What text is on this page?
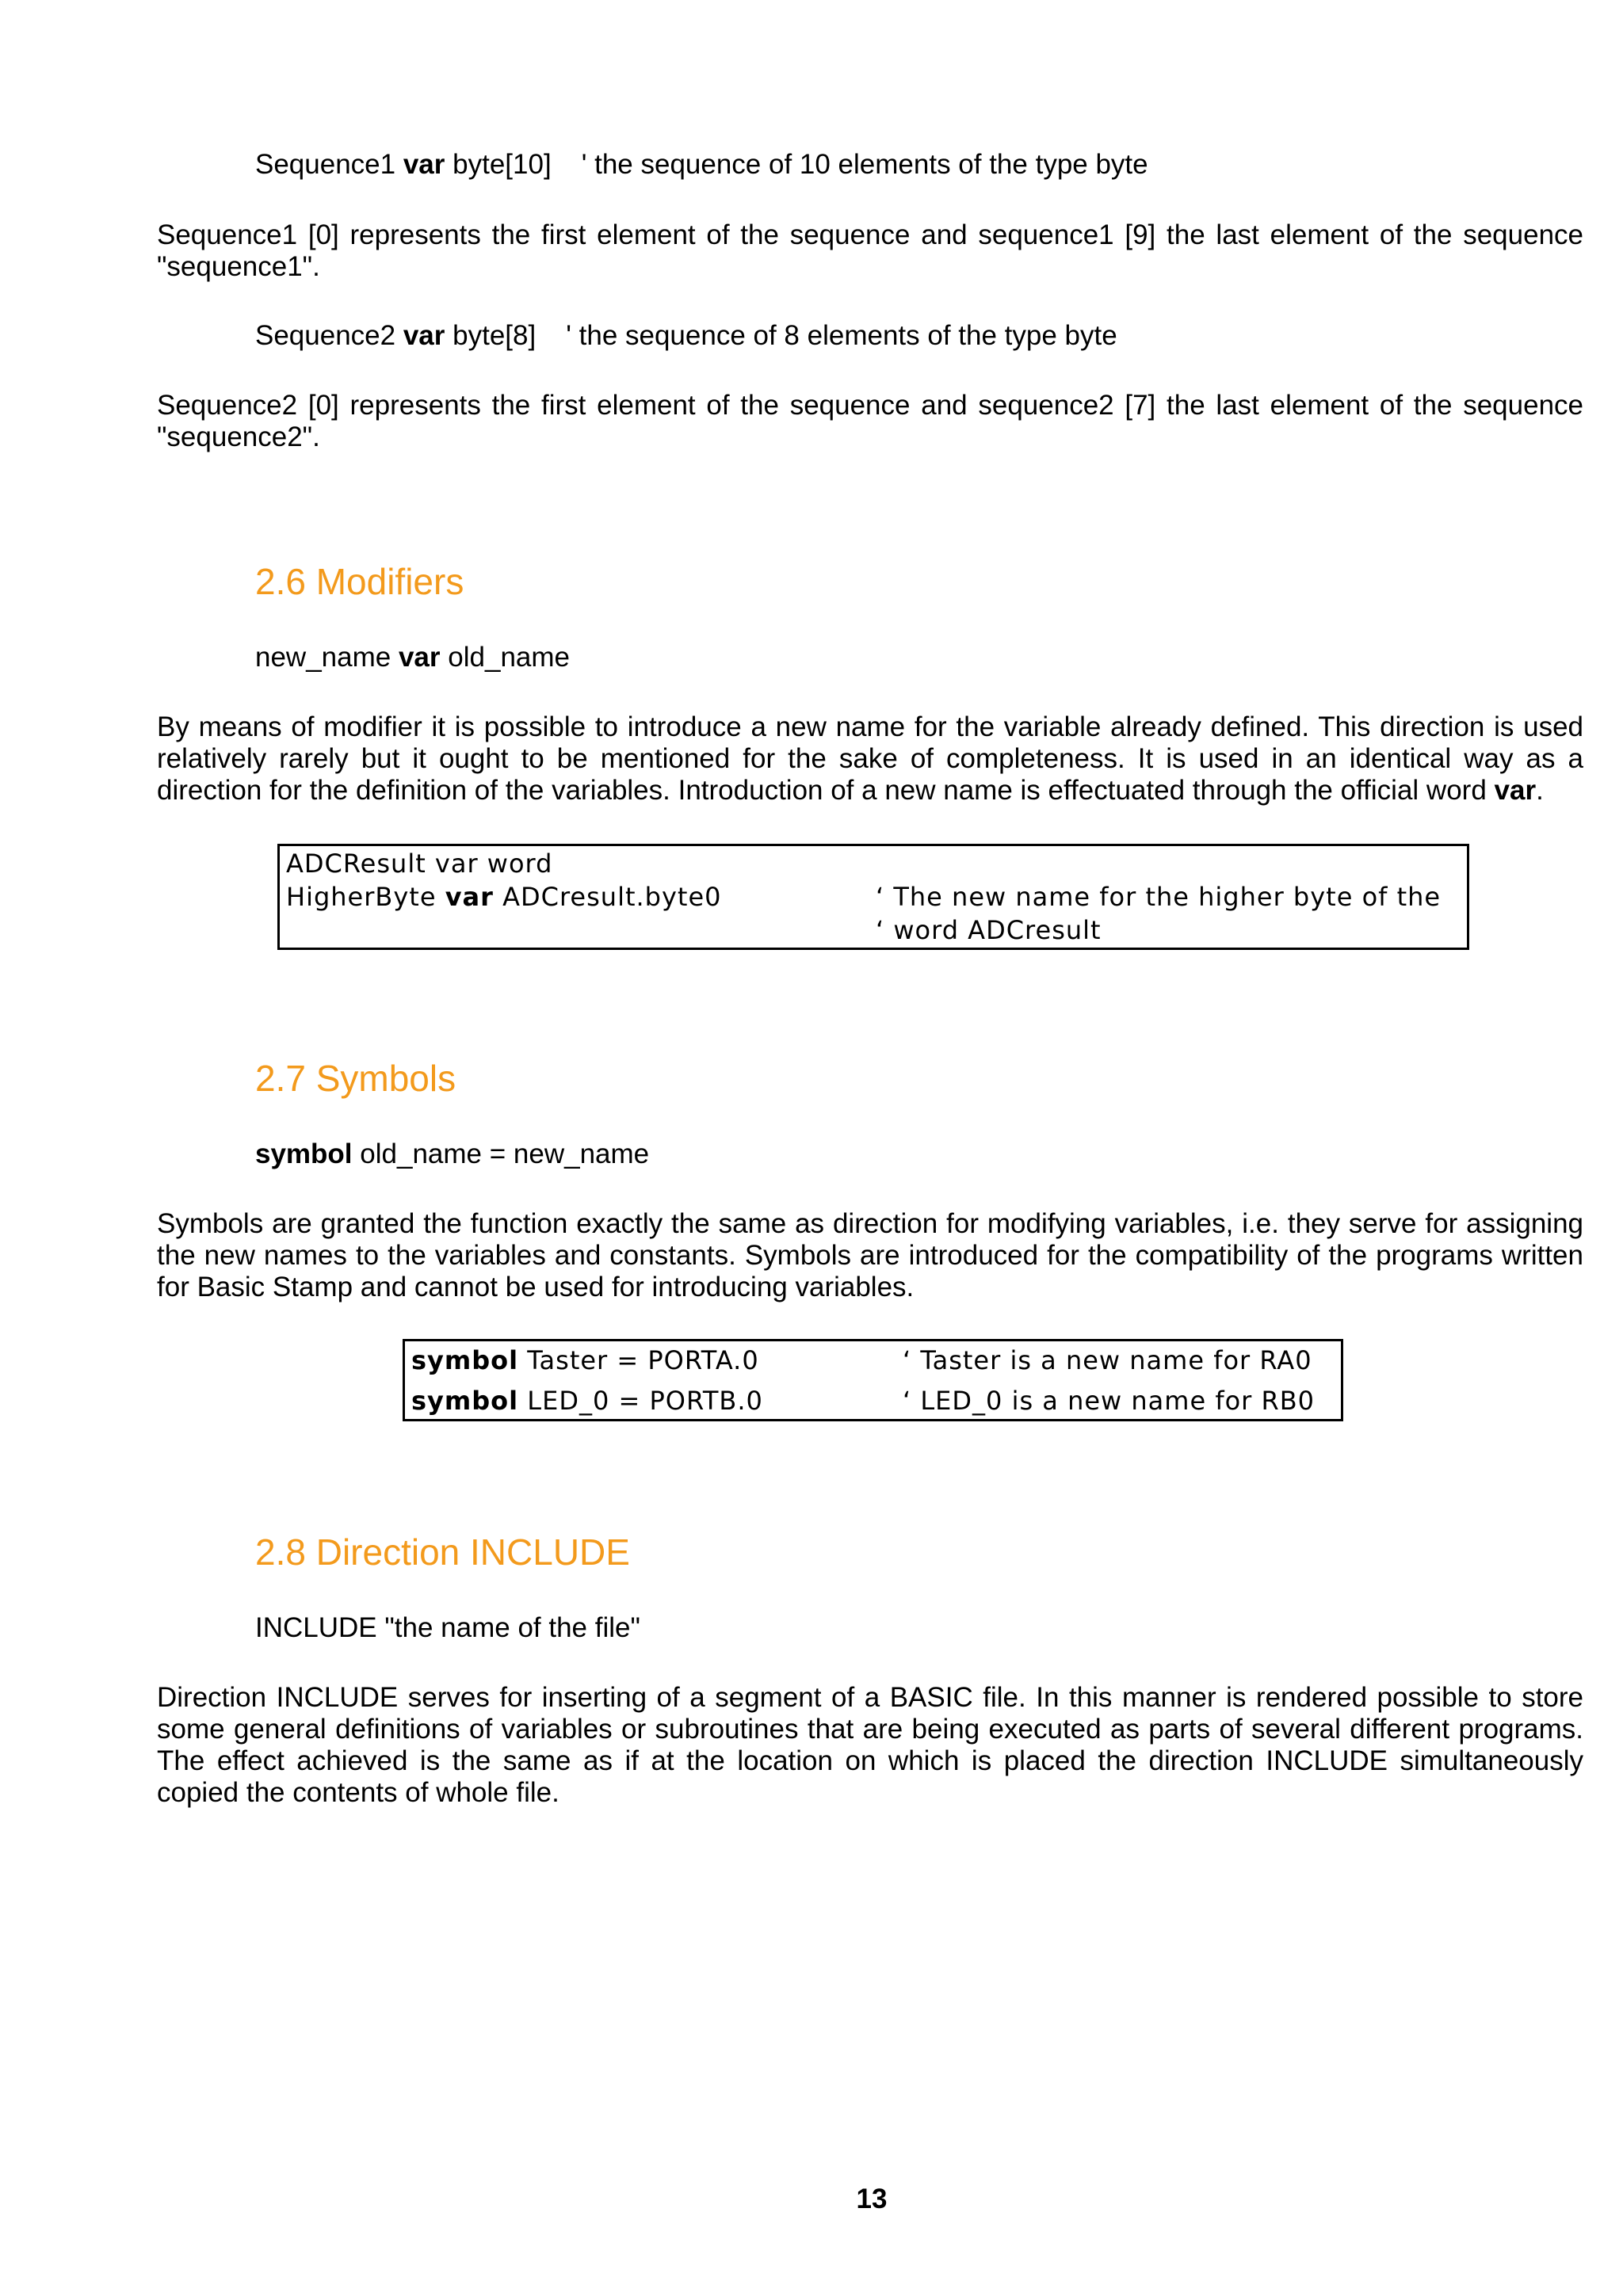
Sequence1 var byte[10] ' the sequence of 10 elements of the type byte
Sequence1 [0] represents the first element of the sequence and sequence1 [9] the last element of the sequence "sequence1".
Sequence2 var byte[8] ' the sequence of 8 elements of the type byte
Sequence2 [0] represents the first element of the sequence and sequence2 [7] the last element of the sequence "sequence2".
2.6 Modifiers
new_name var old_name
By means of modifier it is possible to introduce a new name for the variable already defined. This direction is used relatively rarely but it ought to be mentioned for the sake of completeness. It is used in an identical way as a direction for the definition of the variables. Introduction of a new name is effectuated through the official word var.
ADCResult var word
HigherByte var ADCresult.byte0	‘ The new name for the higher byte of the
‘ word ADCresult
2.7 Symbols
symbol old_name = new_name
Symbols are granted the function exactly the same as direction for modifying variables, i.e. they serve for assigning the new names to the variables and constants. Symbols are introduced for the compatibility of the programs written for Basic Stamp and cannot be used for introducing variables.
symbol Taster = PORTA.0	‘ Taster is a new name for RA0
symbol LED_0 = PORTB.0	‘ LED_0 is a new name for RB0
2.8 Direction INCLUDE
INCLUDE "the name of the file"
Direction INCLUDE serves for inserting of a segment of a BASIC file. In this manner is rendered possible to store some general definitions of variables or subroutines that are being executed as parts of several different programs. The effect achieved is the same as if at the location on which is placed the direction INCLUDE simultaneously copied the contents of whole file.
13
